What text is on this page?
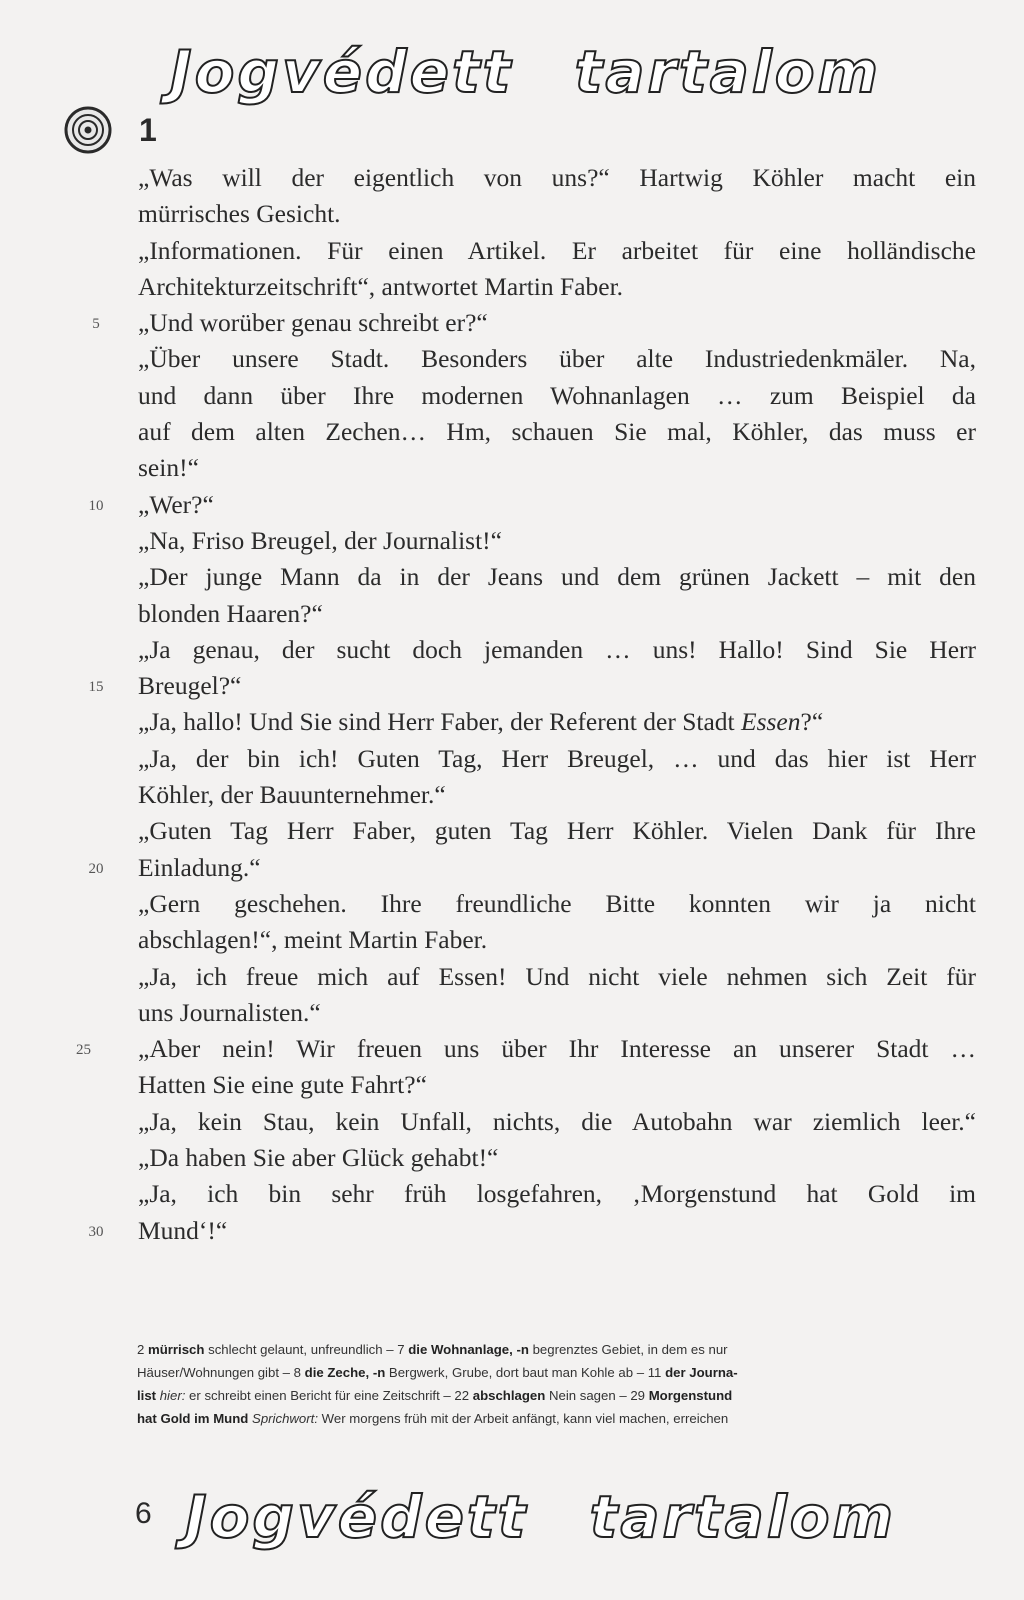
Jogvédett tartalom
1
„Was will der eigentlich von uns?“ Hartwig Köhler macht ein
mürrisches Gesicht.
„Informationen. Für einen Artikel. Er arbeitet für eine holländische
Architekturzeitschrift“, antwortet Martin Faber.
„Und worüber genau schreibt er?“
5
„Über unsere Stadt. Besonders über alte Industriedenkmäler. Na,
und dann über Ihre modernen Wohnanlagen … zum Beispiel da
auf dem alten Zechen… Hm, schauen Sie mal, Köhler, das muss er
sein!“
„Wer?“
10
„Na, Friso Breugel, der Journalist!“
„Der junge Mann da in der Jeans und dem grünen Jackett – mit den
blonden Haaren?“
„Ja genau, der sucht doch jemanden … uns! Hallo! Sind Sie Herr
Breugel?“
15
„Ja, hallo! Und Sie sind Herr Faber, der Referent der Stadt Essen?“
„Ja, der bin ich! Guten Tag, Herr Breugel, … und das hier ist Herr
Köhler, der Bauunternehmer.“
„Guten Tag Herr Faber, guten Tag Herr Köhler. Vielen Dank für Ihre
Einladung.“
20
„Gern geschehen. Ihre freundliche Bitte konnten wir ja nicht
abschlagen!“, meint Martin Faber.
„Ja, ich freue mich auf Essen! Und nicht viele nehmen sich Zeit für
uns Journalisten.“
„Aber nein! Wir freuen uns über Ihr Interesse an unserer Stadt …
25
Hatten Sie eine gute Fahrt?“
„Ja, kein Stau, kein Unfall, nichts, die Autobahn war ziemlich leer.“
„Da haben Sie aber Glück gehabt!“
„Ja, ich bin sehr früh losgefahren, ‚Morgenstund hat Gold im
Mund‘!“
30
2 mürrisch schlecht gelaunt, unfreundlich – 7 die Wohnanlage, -n begrenztes Gebiet, in dem es nur
Häuser/Wohnungen gibt – 8 die Zeche, -n Bergwerk, Grube, dort baut man Kohle ab – 11 der Journa-
list hier: er schreibt einen Bericht für eine Zeitschrift – 22 abschlagen Nein sagen – 29 Morgenstund
hat Gold im Mund Sprichwort: Wer morgens früh mit der Arbeit anfängt, kann viel machen, erreichen
6 Jogvédett tartalom
